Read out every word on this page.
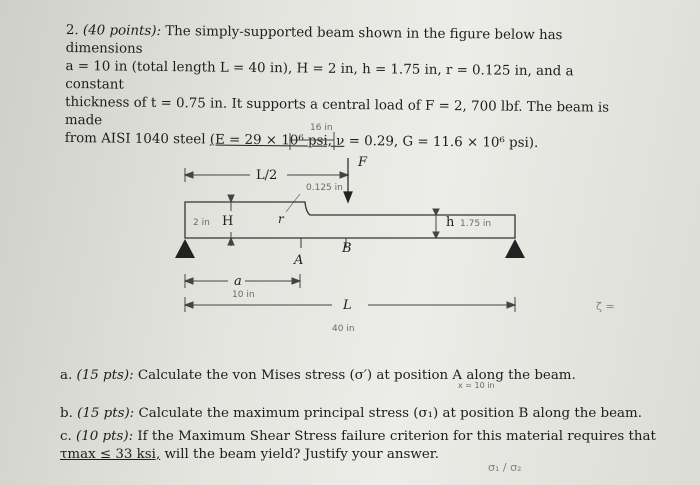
2. (40 points): The simply-supported beam shown in the figure below has dimensions
a = 10 in (total length L = 40 in), H = 2 in, h = 1.75 in, r = 0.125 in, and a constant
thickness of t = 0.75 in. It supports a central load of F = 2, 700 lbf. The beam is made
from AISI 1040 steel (E = 29 × 10⁶ psi, ν = 0.29, G = 11.6 × 10⁶ psi).
16 in
L/2
F
0.125 in
H
2 in	r	h 1.75 in
A
B
a
10 in
L
40 in
ζ =
a. (15 pts): Calculate the von Mises stress (σ′) at position A along the beam.
x = 10 in
b. (15 pts): Calculate the maximum principal stress (σ₁) at position B along the beam.
c. (10 pts): If the Maximum Shear Stress failure criterion for this material requires that
τmax ≤ 33 ksi, will the beam yield? Justify your answer.
σ₁ / σ₂
